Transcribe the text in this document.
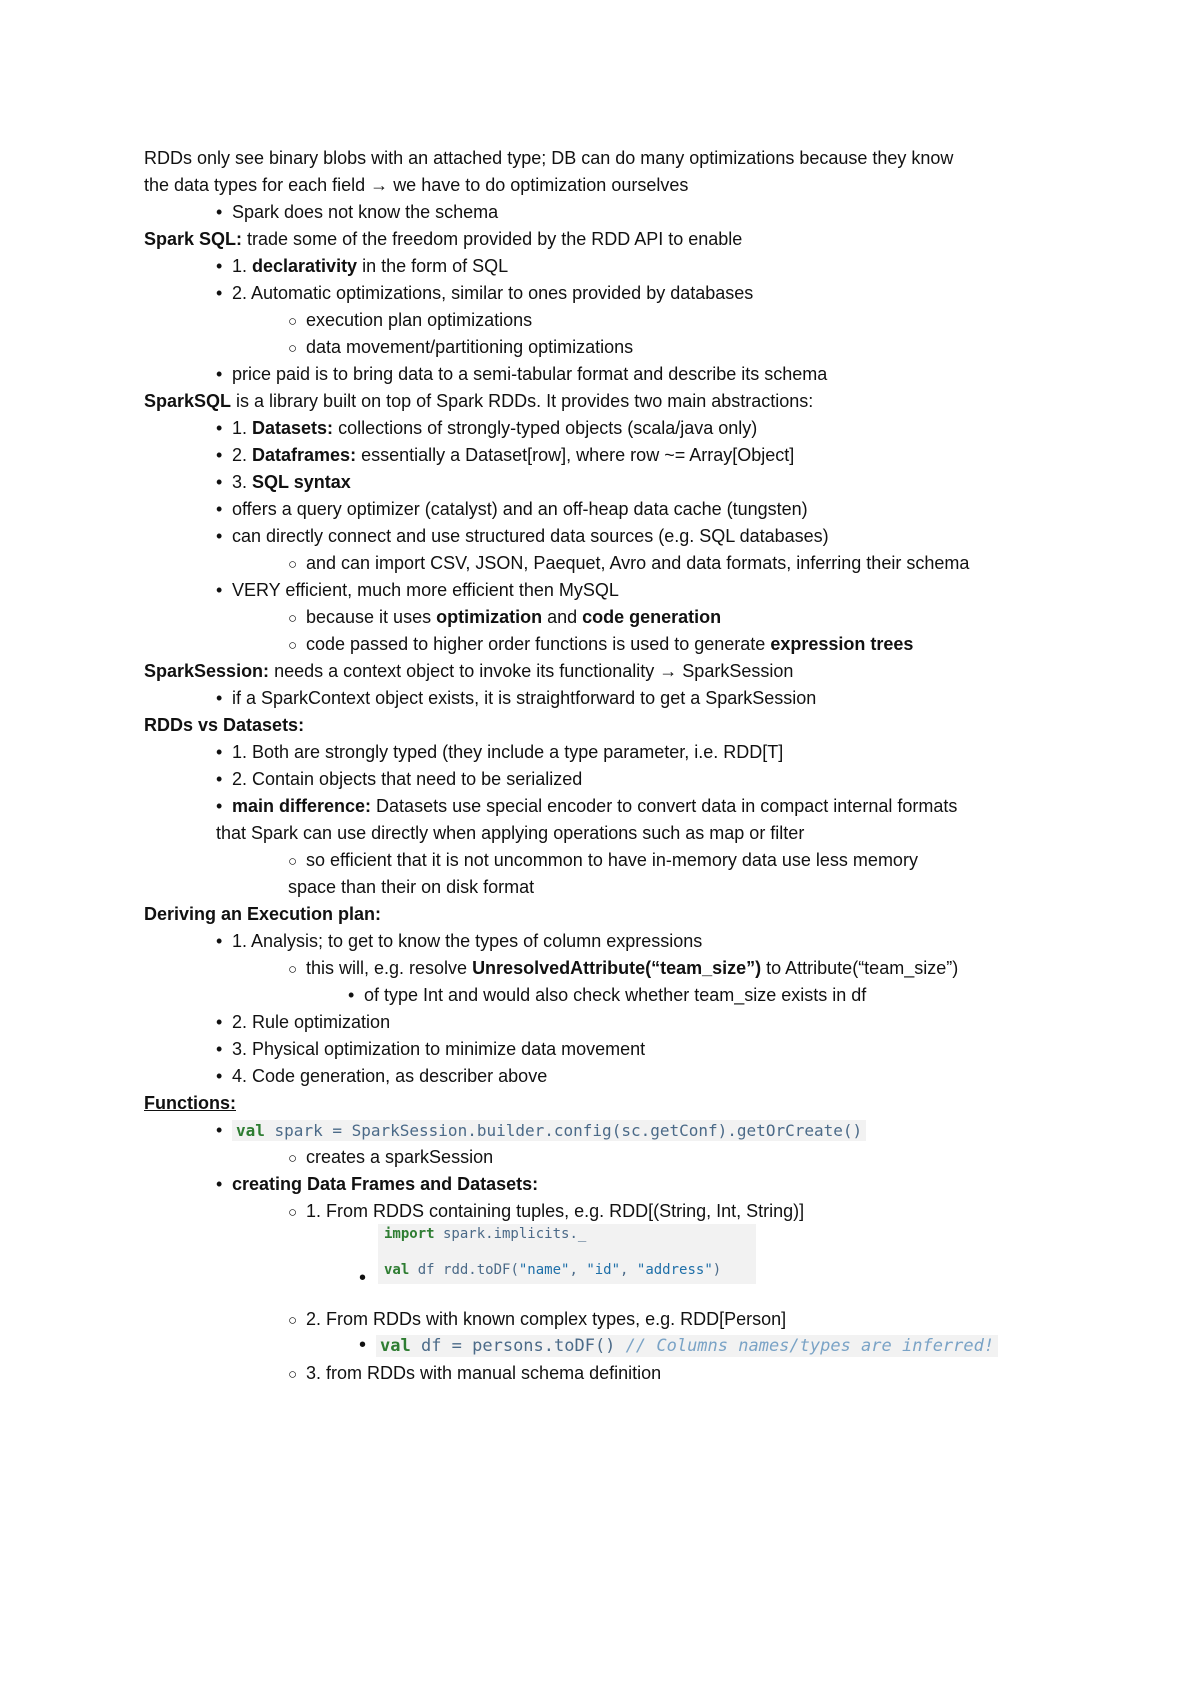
RDDs only see binary blobs with an attached type; DB can do many optimizations because they know
the data types for each field → we have to do optimization ourselves
• Spark does not know the schema
Spark SQL: trade some of the freedom provided by the RDD API to enable
• 1. declarativity in the form of SQL
• 2. Automatic optimizations, similar to ones provided by databases
○ execution plan optimizations
○ data movement/partitioning optimizations
• price paid is to bring data to a semi-tabular format and describe its schema
SparkSQL is a library built on top of Spark RDDs. It provides two main abstractions:
• 1. Datasets: collections of strongly-typed objects (scala/java only)
• 2. Dataframes: essentially a Dataset[row], where row ~= Array[Object]
• 3. SQL syntax
• offers a query optimizer (catalyst) and an off-heap data cache (tungsten)
• can directly connect and use structured data sources (e.g. SQL databases)
○ and can import CSV, JSON, Paequet, Avro and data formats, inferring their schema
• VERY efficient, much more efficient then MySQL
○ because it uses optimization and code generation
○ code passed to higher order functions is used to generate expression trees
SparkSession: needs a context object to invoke its functionality → SparkSession
• if a SparkContext object exists, it is straightforward to get a SparkSession
RDDs vs Datasets:
• 1. Both are strongly typed (they include a type parameter, i.e. RDD[T]
• 2. Contain objects that need to be serialized
• main difference: Datasets use special encoder to convert data in compact internal formats
that Spark can use directly when applying operations such as map or filter
○ so efficient that it is not uncommon to have in-memory data use less memory
space than their on disk format
Deriving an Execution plan:
• 1. Analysis; to get to know the types of column expressions
○ this will, e.g. resolve UnresolvedAttribute(“team_size”) to Attribute(“team_size”)
• of type Int and would also check whether team_size exists in df
• 2. Rule optimization
• 3. Physical optimization to minimize data movement
• 4. Code generation, as describer above
Functions:
• val spark = SparkSession.builder.config(sc.getConf).getOrCreate()
○ creates a sparkSession
• creating Data Frames and Datasets:
○ 1. From RDDS containing tuples, e.g. RDD[(String, Int, String)]
import spark.implicits._
val df rdd.toDF("name", "id", "address")
•
○ 2. From RDDs with known complex types, e.g. RDD[Person]
• val df = persons.toDF() // Columns names/types are inferred!
○ 3. from RDDs with manual schema definition
